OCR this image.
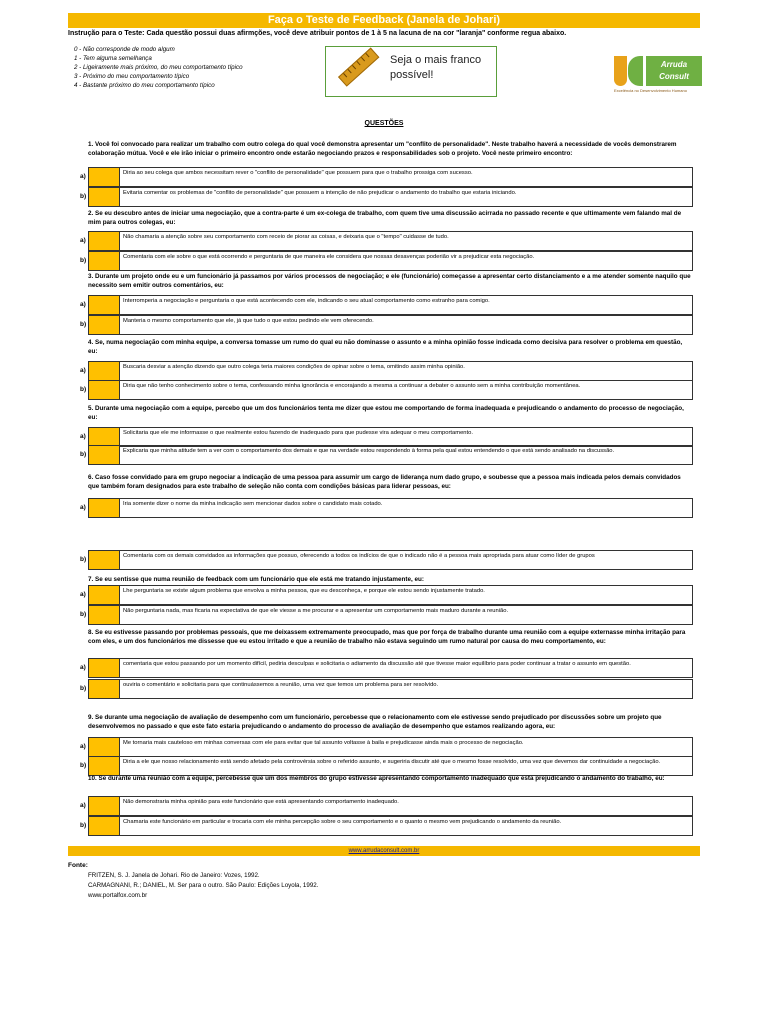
Faça o Teste de Feedback (Janela de Johari)
Instrução para o Teste: Cada questão possui duas afirmções, você deve atribuir pontos de 1 à 5 na lacuna de na cor "laranja" conforme regua abaixo.
0 - Não corresponde de modo algum
1 - Tem alguma semelhança
2 - Ligeiramente mais próximo, do meu comportamento típico
3 - Próximo do meu comportamento típico
4 - Bastante próximo do meu comportamento típico
Seja o mais franco possível!
Arruda
Consult
Excelência no Desenvolvimento Humano
QUESTÕES
1. Você foi convocado para realizar um trabalho com outro colega do qual você demonstra apresentar um "conflito de personalidade". Neste trabalho haverá a necessidade de vocês demonstrarem colaboração mútua. Você e ele irão iniciar o primeiro encontro onde estarão negociando prazos e responsabilidades sob o projeto. Você neste primeiro encontro:
a)	Diria ao seu colega que ambos necessitam rever o "conflito de personalidade" que possuem para que o trabalho prossiga com sucesso.
b)	Evitaria comentar os problemas de "conflito de personalidade" que possuem a intenção de não prejudicar o andamento do trabalho que estaria iniciando.
2. Se eu descubro antes de iniciar uma negociação, que a contra-parte é um ex-colega de trabalho, com quem tive uma discussão acirrada no passado recente e que ultimamente vem falando mal de mim para outros colegas, eu:
a)	Não chamaria a atenção sobre seu comportamento com receio de piorar as coisas, e deixaria que o "tempo" cuidasse de tudo.
b)	Comentaria com ele sobre o que está ocorrendo e perguntaria de que maneira ele considera que nossas desavenças poderião vir a prejudicar esta negociação.
3. Durante um projeto onde eu e um funcionário já passamos por vários processos de negociação; e ele (funcionário) começasse a apresentar certo distanciamento e a me atender somente naquilo que necessito sem emitir outros comentários, eu:
a)	Interromperia a negociação e perguntaria o que está acontecendo com ele, indicando o seu atual comportamento como estranho para comigo.
b)	Manteria o mesmo comportamento que ele, já que tudo o que estou pedindo ele vem oferecendo.
4. Se, numa negociação com minha equipe, a conversa tomasse um rumo do qual eu não dominasse o assunto e a minha opinião fosse indicada como decisiva para resolver o problema em questão, eu:
a)	Buscaria desviar a atenção dizendo que outro colega teria maiores condições de opinar sobre o tema, omitindo assim minha opinião.
b)	Diria que não tenho conhecimento sobre o tema, confessando minha ignorância e encorajando a mesma a continuar a debater o assunto sem a minha contribuição momentânea.
5. Durante uma negociação com a equipe, percebo que um dos funcionários tenta me dizer que estou me comportando de forma inadequada e prejudicando o andamento do processo de negociação, eu:
a)	Solicitaria que ele me informasse o que realmente estou fazendo de inadequado para que pudesse vira adequar o meu comportamento.
b)	Explicaria que minha atitude tem a ver com o comportamento dos demais e que na verdade estou respondendo à forma pela qual estou entendendo o que está sendo analisado na discussão.
6. Caso fosse convidado para em grupo negociar a indicação de uma pessoa para assumir um cargo de liderança num dado grupo, e soubesse que a pessoa mais indicada pelos demais convidados que também foram designados para este trabalho de seleção não conta com condições básicas para liderar pessoas, eu:
a)	Iria somente dizer o nome da minha indicação sem mencionar dados sobre o candidato mais cotado.
b)	Comentaria com os demais convidados as informações que possuo, oferecendo a todos os indícios de que o indicado não é a pessoa mais apropriada para atuar como líder de grupos
7. Se eu sentisse que numa reunião de feedback com um funcionário que ele está me tratando injustamente, eu:
a)	Lhe perguntaria se existe algum problema que envolva a minha pessoa, que eu desconheça, e porque ele estou sendo injustamente tratado.
b)	Não perguntaria nada, mas ficaria na expectativa de que ele viesse a me procurar e a apresentar um comportamento mais maduro durante a reunião.
8. Se eu estivesse passando por problemas pessoais, que me deixassem extremamente preocupado, mas que por força de trabalho durante uma reunião com a equipe externasse minha irritação para com eles, e um dos funcionários me dissesse que eu estou irritado e que a reunião de trabalho não estava seguindo um rumo natural por causa do meu comportamento, eu:
a)	comentaria que estou passando por um momento difícil, pediria desculpas e solicitaria o adiamento da discussão até que tivesse maior equilíbrio para poder continuar a tratar o assunto em questão.
b)	ouviria o comentário e solicitaria para que continuássemos a reunião, uma vez que temos um problema para ser resolvido.
9. Se durante uma negociação de avaliação de desempenho com um funcionário, percebesse que o relacionamento com ele estivesse sendo prejudicado por discussões sobre um projeto que desenvolvemos no passado e que este fato estaria prejudicando o andamento do processo de avaliação de desempenho que estamos realizando agora, eu:
a)	Me tornaria mais cauteloso em minhas conversas com ele para evitar que tal assunto voltasse à baila e prejudicasse ainda mais o processo de negociação.
b)	Diria a ele que nosso relacionamento está sendo afetado pela controvérsia sobre o referido assunto, e sugeriria discutir até que o mesmo fosse resolvido, uma vez que devemos dar continuidade a negociação.
10. Se durante uma reunião com a equipe, percebesse que um dos membros do grupo estivesse apresentando comportamento inadequado que esta prejudicando o andamento do trabalho, eu:
a)	Não demonstraria minha opinião para este funcionário que está apresentando comportamento inadequado.
b)	Chamaria este funcionário em particular e trocaria com ele minha percepção sobre o seu comportamento e o quanto o mesmo vem prejudicando o andamento da reunião.
www.arrudaconsult.com.br
Fonte:
FRITZEN, S. J. Janela de Johari. Rio de Janeiro: Vozes, 1992.
CARMAGNANI, R.; DANIEL, M. Ser para o outro. São Paulo: Edições Loyola, 1992.
www.portalfox.com.br
